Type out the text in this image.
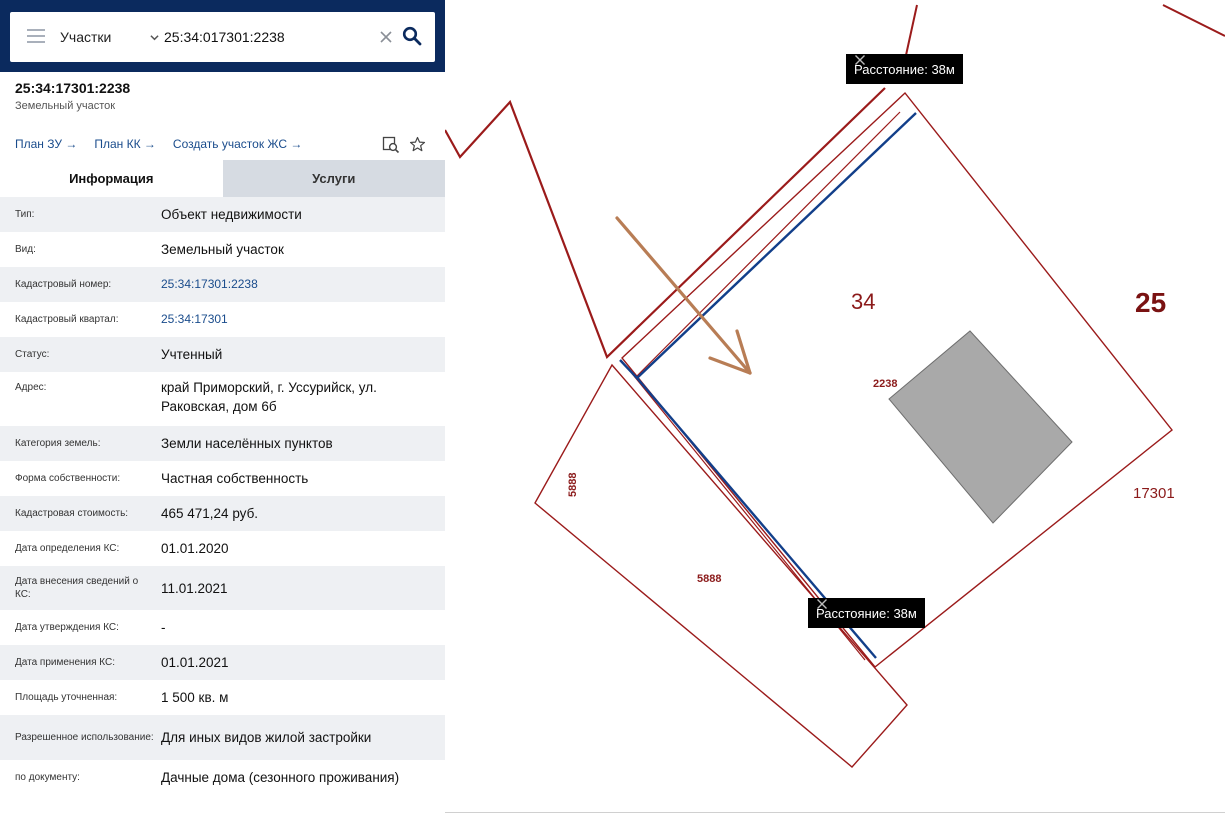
Участки
25:34:017301:2238
25:34:17301:2238
Земельный участок
План ЗУ → План КК → Создать участок ЖС →
Информация	Услуги
Тип:	Объект недвижимости
Вид:	Земельный участок
Кадастровый номер:	25:34:17301:2238
Кадастровый квартал:	25:34:17301
Статус:	Учтенный
Адрес:	край Приморский, г. Уссурийск, ул. Раковская, дом 6б
Категория земель:	Земли населённых пунктов
Форма собственности:	Частная собственность
Кадастровая стоимость:	465 471,24 руб.
Дата определения КС:	01.01.2020
Дата внесения сведений о КС:	11.01.2021
Дата утверждения КС:	-
Дата применения КС:	01.01.2021
Площадь уточненная:	1 500 кв. м
Разрешенное использование: Для иных видов жилой застройки
по документу:	Дачные дома (сезонного проживания)
34	25
2238
17301
5888
5888
Расстояние: 38м
Расстояние: 38м
